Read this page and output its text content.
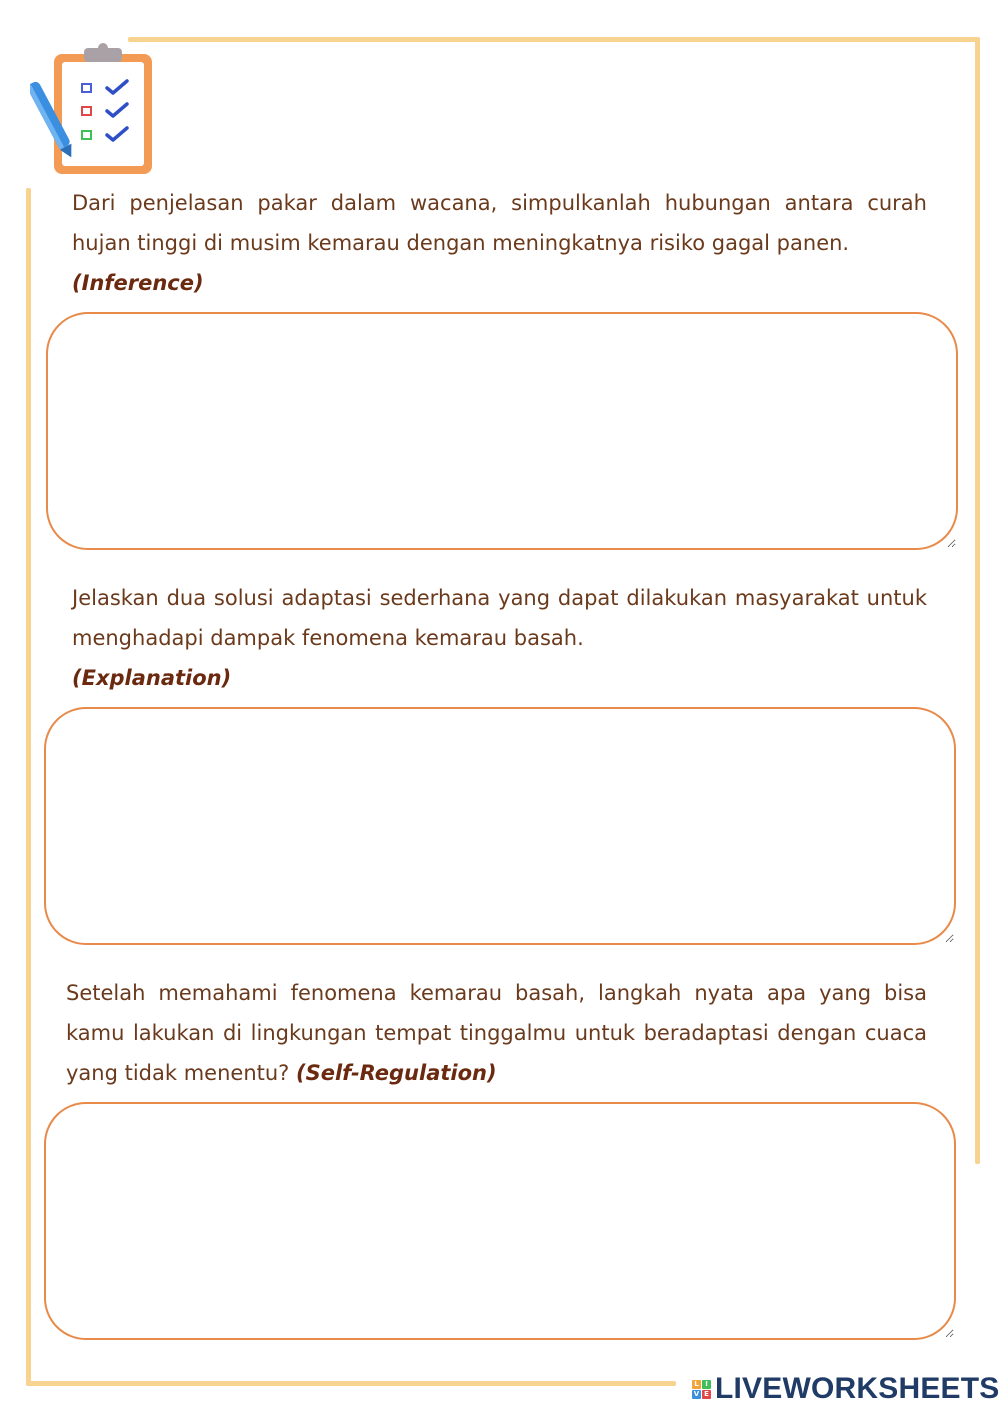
Dari penjelasan pakar dalam wacana, simpulkanlah hubungan antara curah hujan tinggi di musim kemarau dengan meningkatnya risiko gagal panen.
(Inference)

Jelaskan dua solusi adaptasi sederhana yang dapat dilakukan masyarakat untuk menghadapi dampak fenomena kemarau basah.
(Explanation)

Setelah memahami fenomena kemarau basah, langkah nyata apa yang bisa kamu lakukan di lingkungan tempat tinggalmu untuk beradaptasi dengan cuaca yang tidak menentu? (Self-Regulation)

L I
V E LIVEWORKSHEETS
